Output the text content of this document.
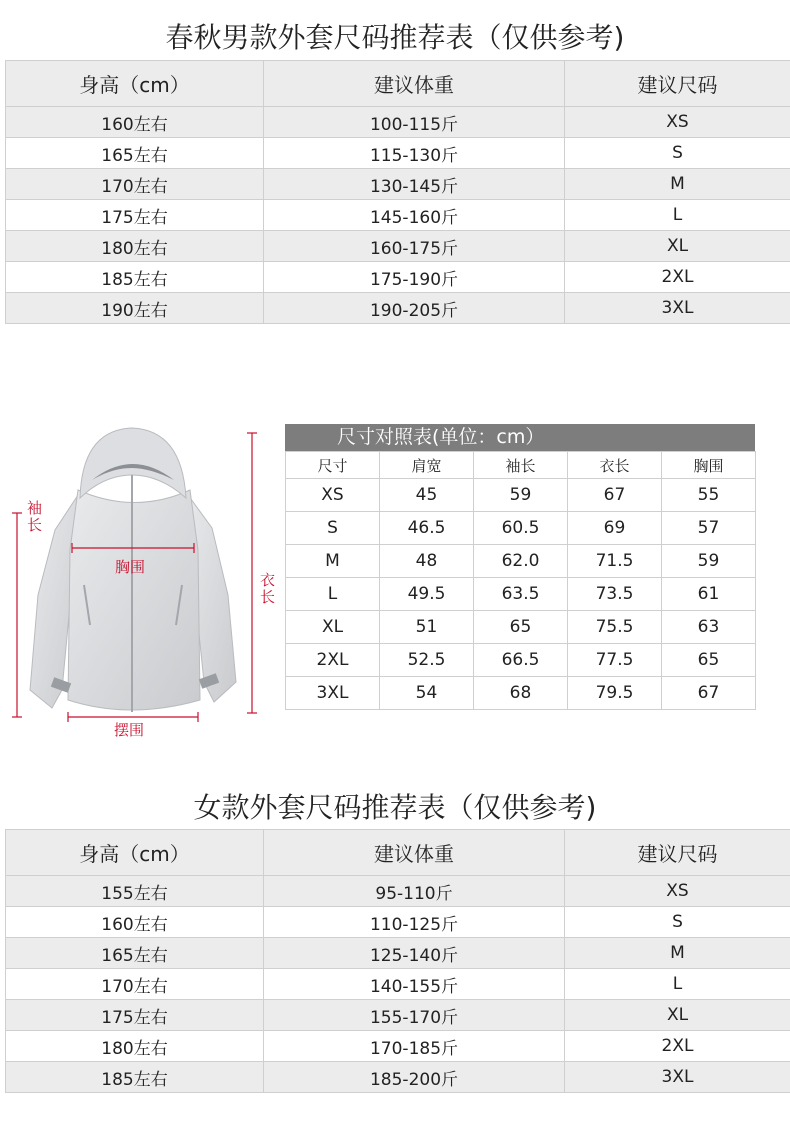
春秋男款外套尺码推荐表（仅供参考)
身高（cm）	建议体重	建议尺码
160左右	100-115斤	XS
165左右	115-130斤	S
170左右	130-145斤	M
175左右	145-160斤	L
180左右	160-175斤	XL
185左右	175-190斤	2XL
190左右	190-205斤	3XL
袖长
胸围
衣长
摆围
尺寸对照表(单位：cm）
尺寸	肩宽	袖长	衣长	胸围
XS	45	59	67	55
S	46.5	60.5	69	57
M	48	62.0	71.5	59
L	49.5	63.5	73.5	61
XL	51	65	75.5	63
2XL	52.5	66.5	77.5	65
3XL	54	68	79.5	67
女款外套尺码推荐表（仅供参考)
身高（cm）	建议体重	建议尺码
155左右	95-110斤	XS
160左右	110-125斤	S
165左右	125-140斤	M
170左右	140-155斤	L
175左右	155-170斤	XL
180左右	170-185斤	2XL
185左右	185-200斤	3XL
